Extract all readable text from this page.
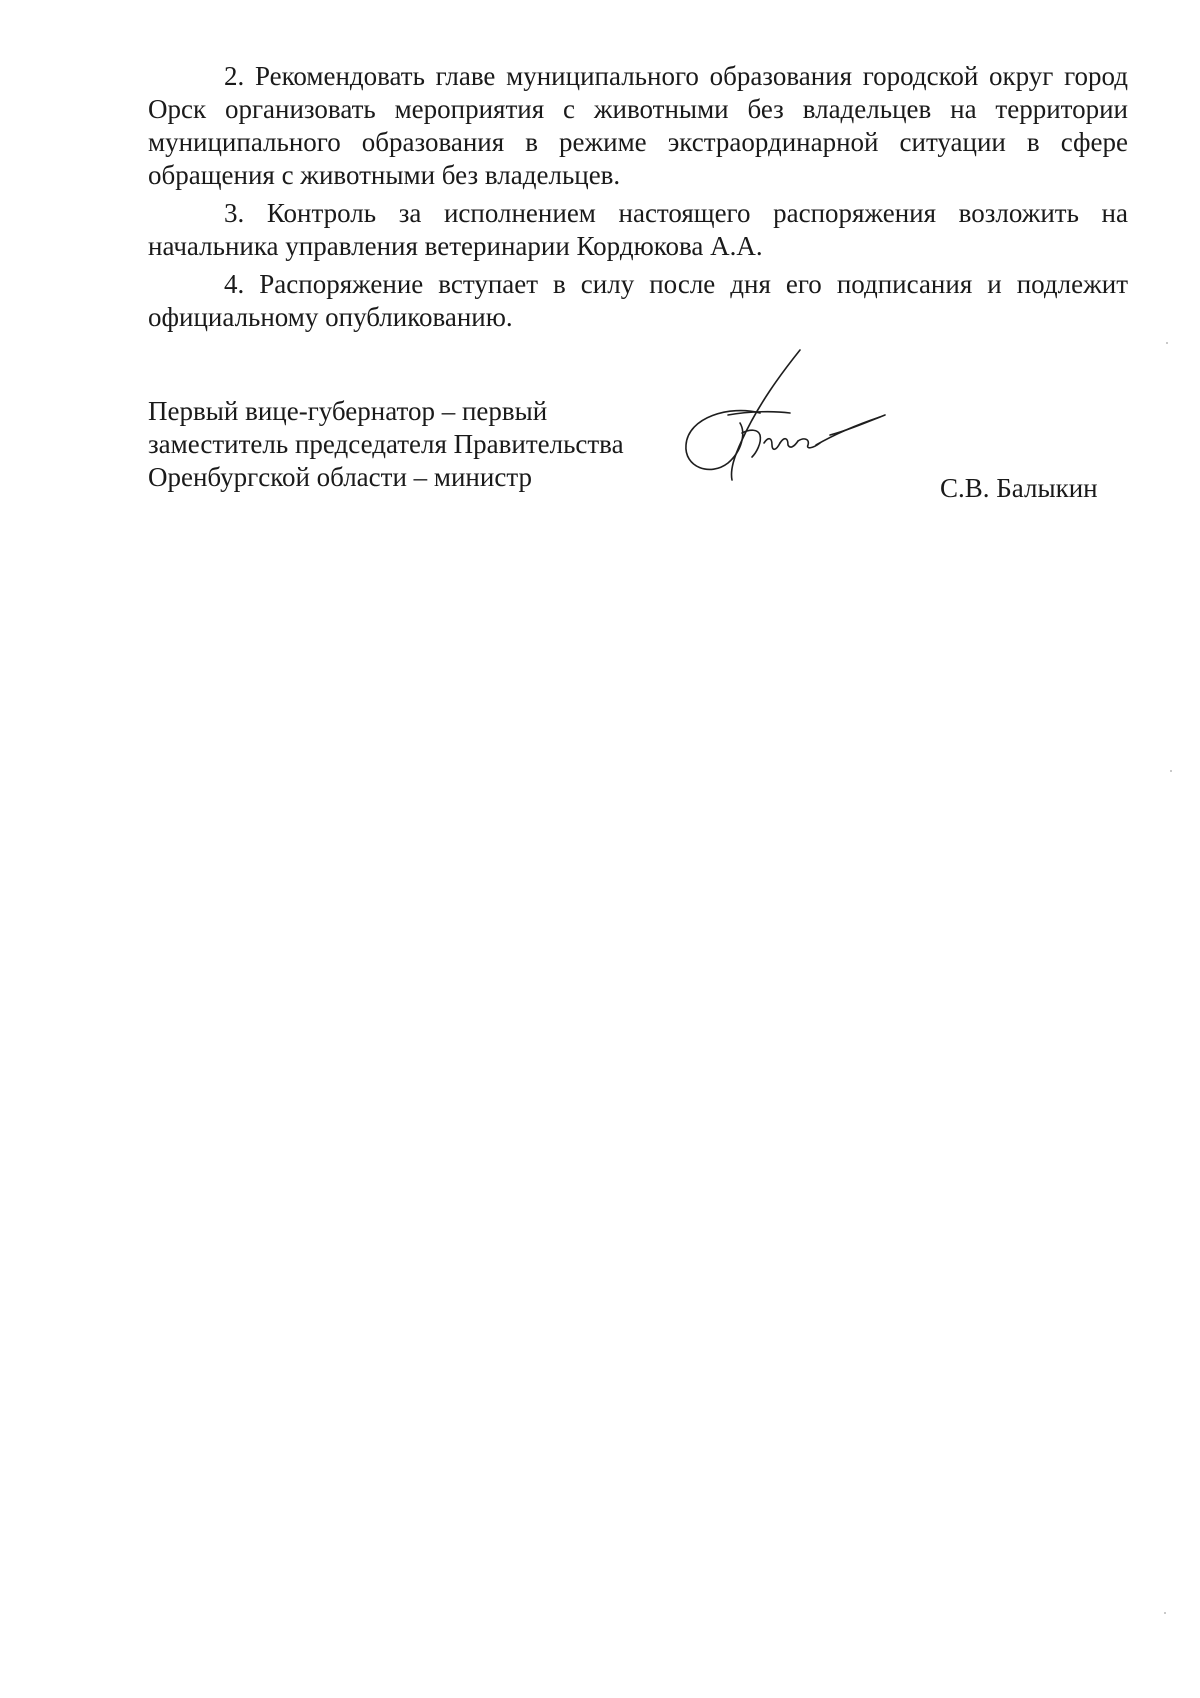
2. Рекомендовать главе муниципального образования городской округ город Орск организовать мероприятия с животными без владельцев на территории муниципального образования в режиме экстраординарной ситуации в сфере обращения с животными без владельцев.

3. Контроль за исполнением настоящего распоряжения возложить на начальника управления ветеринарии Кордюкова А.А.

4. Распоряжение вступает в силу после дня его подписания и подлежит официальному опубликованию.

Первый вице-губернатор – первый
заместитель председателя Правительства
Оренбургской области – министр	С.В. Балыкин
